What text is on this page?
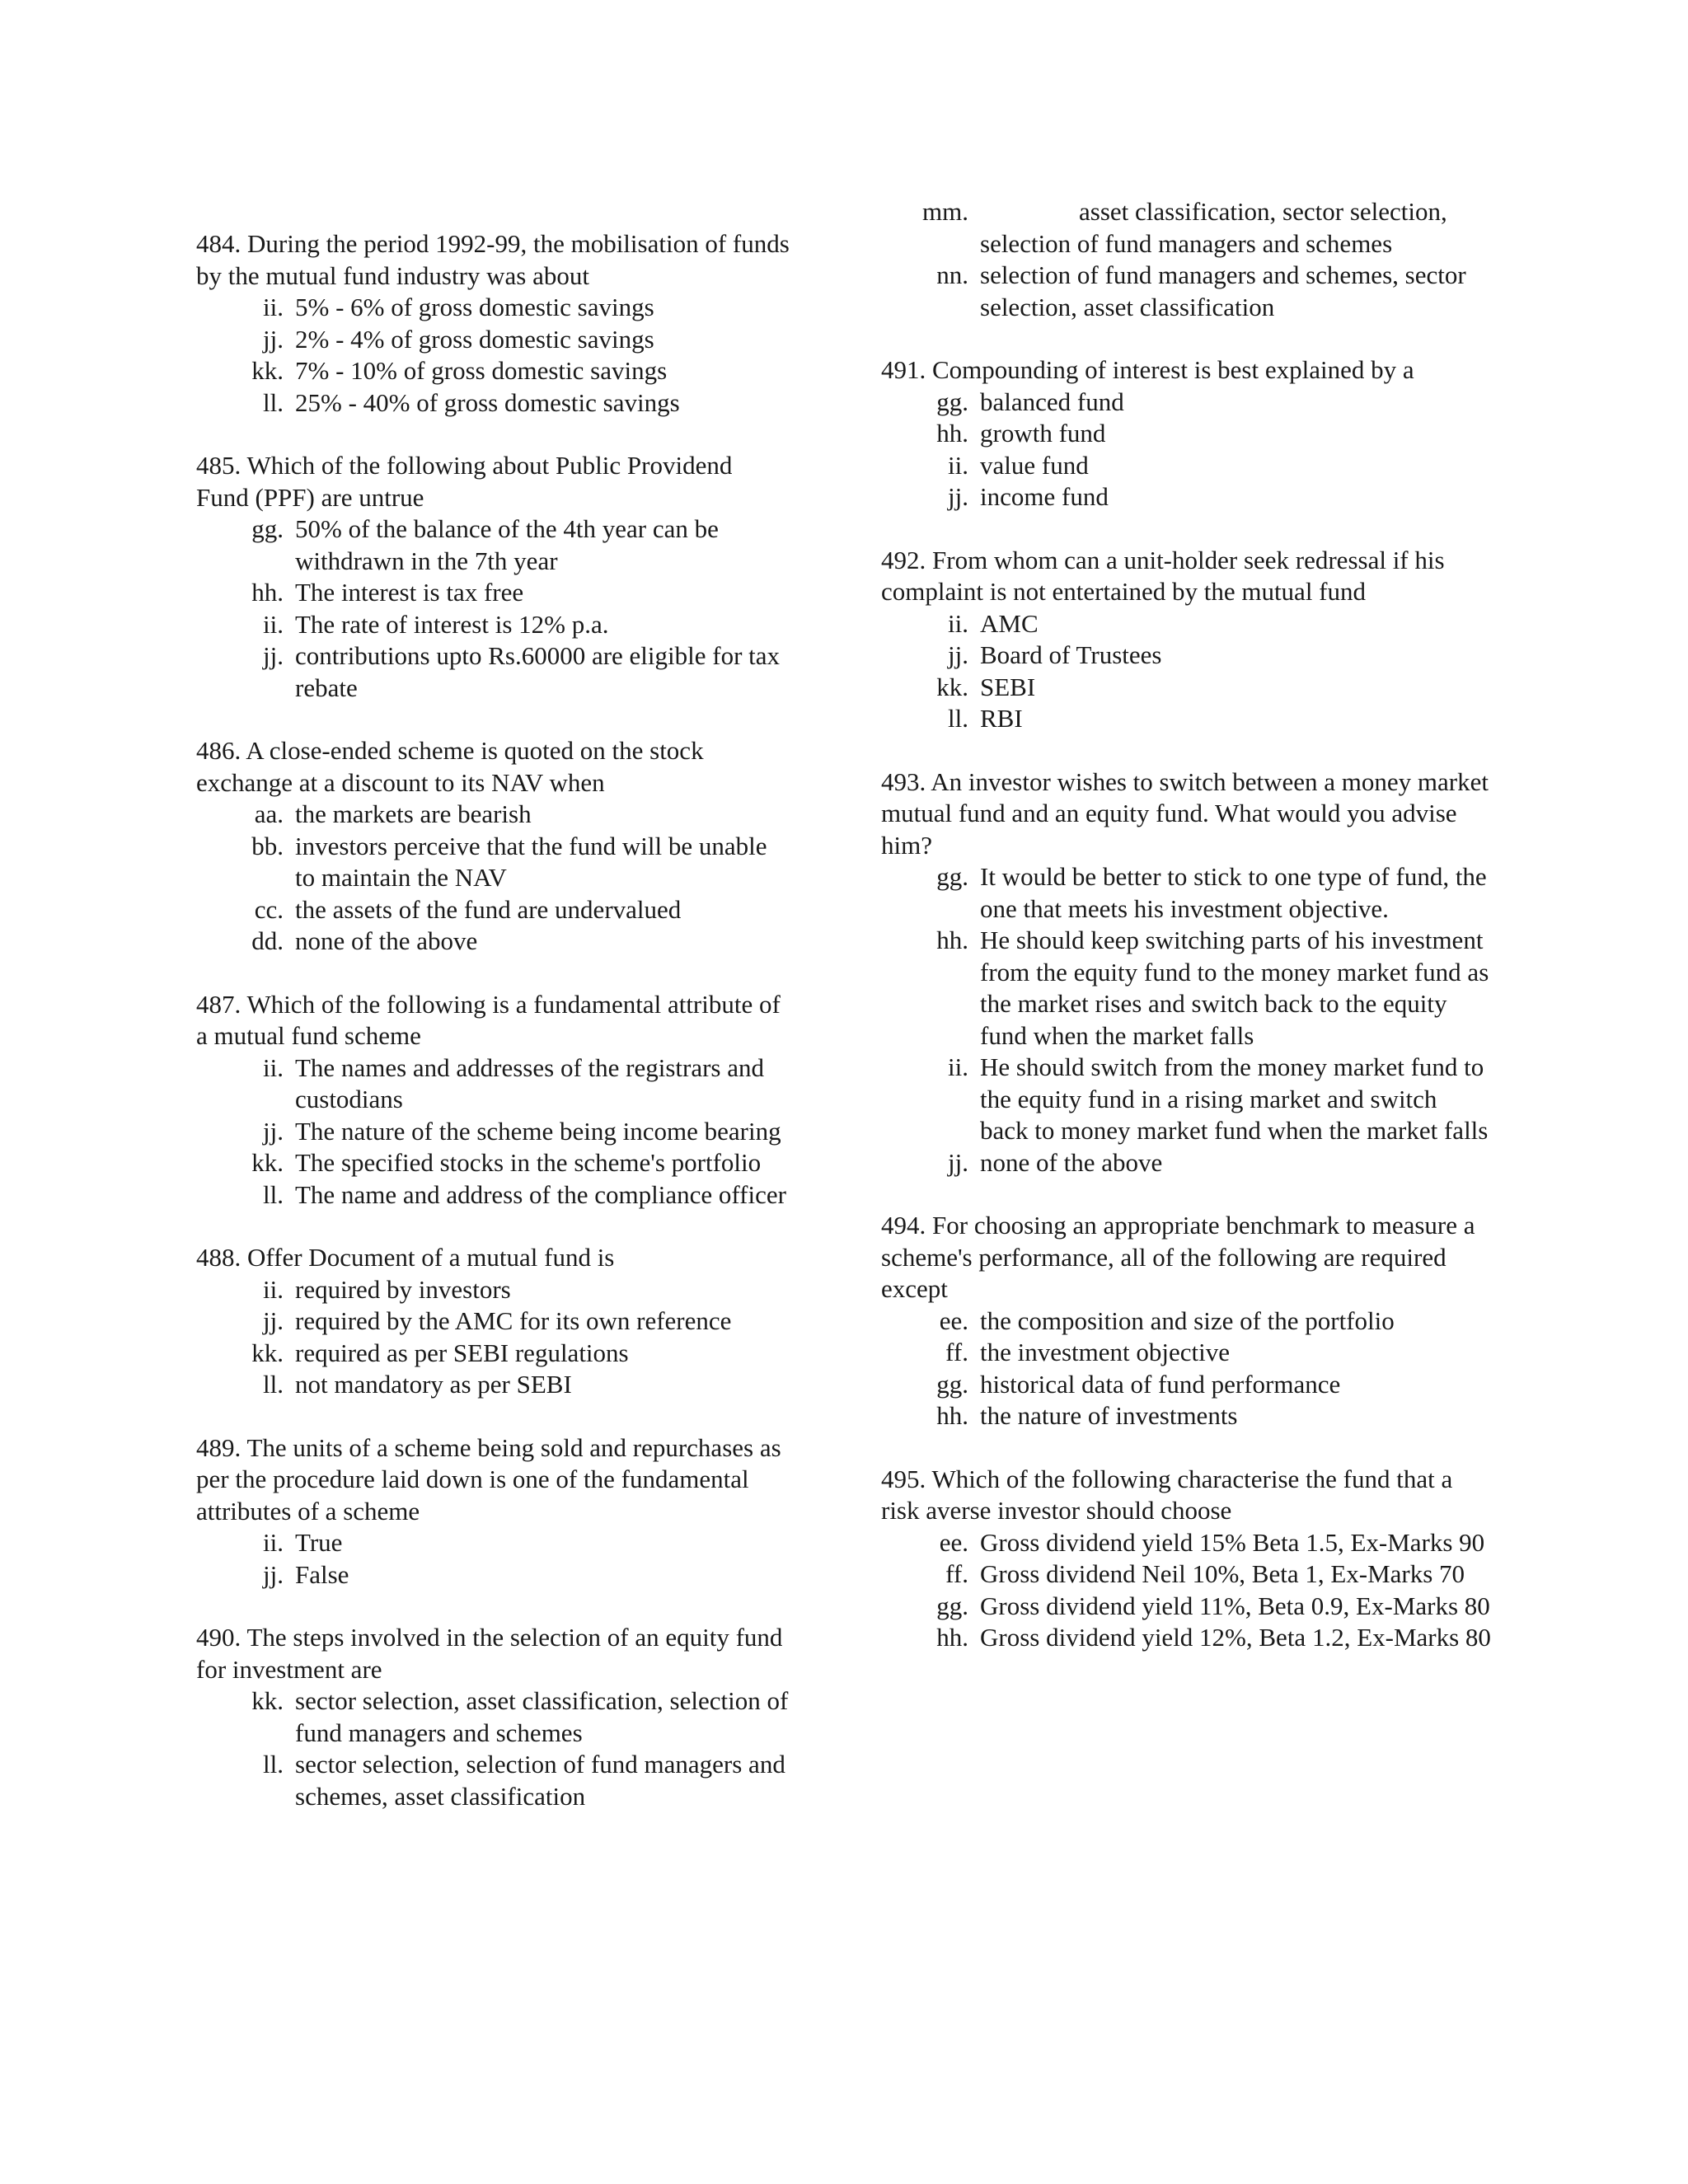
484. During the period 1992-99, the mobilisation of funds by the mutual fund industry was about

ii. 5% - 6% of gross domestic savings
jj. 2% - 4% of gross domestic savings
kk. 7% - 10% of gross domestic savings
ll. 25% - 40% of gross domestic savings

485. Which of the following about Public Providend Fund (PPF) are untrue

gg. 50% of the balance of the 4th year can be withdrawn in the 7th year
hh. The interest is tax free
ii. The rate of interest is 12% p.a.
jj. contributions upto Rs.60000 are eligible for tax rebate

486. A close-ended scheme is quoted on the stock exchange at a discount to its NAV when

aa. the markets are bearish
bb. investors perceive that the fund will be unable to maintain the NAV
cc. the assets of the fund are undervalued
dd. none of the above

487. Which of the following is a fundamental attribute of a mutual fund scheme

ii. The names and addresses of the registrars and custodians
jj. The nature of the scheme being income bearing
kk. The specified stocks in the scheme's portfolio
ll. The name and address of the compliance officer

488. Offer Document of a mutual fund is

ii. required by investors
jj. required by the AMC for its own reference
kk. required as per SEBI regulations
ll. not mandatory as per SEBI

489. The units of a scheme being sold and repurchases as per the procedure laid down is one of the fundamental attributes of a scheme

ii. True
jj. False

490. The steps involved in the selection of an equity fund for investment are

kk. sector selection, asset classification, selection of fund managers and schemes
ll. sector selection, selection of fund managers and schemes, asset classification
mm.	asset classification, sector selection, selection of fund managers and schemes
nn. selection of fund managers and schemes, sector selection, asset classification

491. Compounding of interest is best explained by a

gg. balanced fund
hh. growth fund
ii. value fund
jj. income fund

492. From whom can a unit-holder seek redressal if his complaint is not entertained by the mutual fund

ii. AMC
jj. Board of Trustees
kk. SEBI
ll. RBI

493. An investor wishes to switch between a money market mutual fund and an equity fund. What would you advise him?

gg. It would be better to stick to one type of fund, the one that meets his investment objective.
hh. He should keep switching parts of his investment from the equity fund to the money market fund as the market rises and switch back to the equity fund when the market falls
ii. He should switch from the money market fund to the equity fund in a rising market and switch back to money market fund when the market falls
jj. none of the above

494. For choosing an appropriate benchmark to measure a scheme's performance, all of the following are required except

ee. the composition and size of the portfolio
ff. the investment objective
gg. historical data of fund performance
hh. the nature of investments

495. Which of the following characterise the fund that a risk averse investor should choose

ee. Gross dividend yield 15% Beta 1.5, Ex-Marks 90
ff. Gross dividend Neil 10%, Beta 1, Ex-Marks 70
gg. Gross dividend yield 11%, Beta 0.9, Ex-Marks 80
hh. Gross dividend yield 12%, Beta 1.2, Ex-Marks 80
